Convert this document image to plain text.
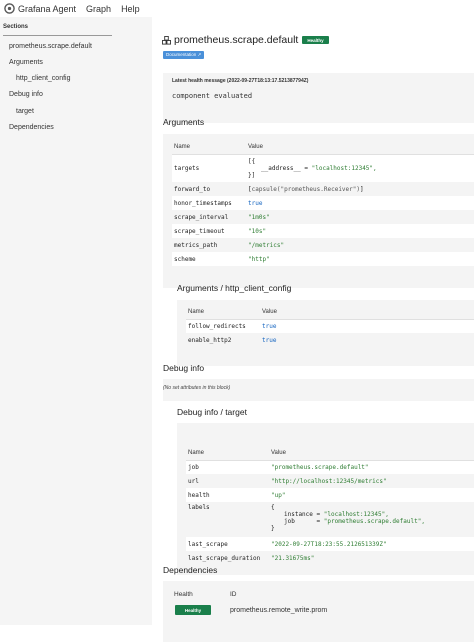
Grafana Agent Graph Help
Sections
prometheus.scrape.default
Arguments
http_client_config
Debug info
target
Dependencies
prometheus.scrape.default	Healthy
Documentation ↗
Latest health message (2022-09-27T18:13:17.521387794Z)
component evaluated
Arguments
Name	Value
targets	[{
__address__ = "localhost:12345",
}]

forward_to	[capsule("prometheus.Receiver")]
honor_timestamps	true
scrape_interval	"1m0s"
scrape_timeout	"10s"
metrics_path	"/metrics"
scheme	"http"
Arguments / http_client_config
Name	Value
follow_redirects	true
enable_http2	true
Debug info
(No set attributes in this block)
Debug info / target
Name	Value
job	"prometheus.scrape.default"
url	"http://localhost:12345/metrics"
health	"up"
labels	{
instance = "localhost:12345",
job = "prometheus.scrape.default",
}

last_scrape	"2022-09-27T18:23:55.212651339Z"
last_scrape_duration	"21.31675ms"
Dependencies
Health	ID
Healthy	prometheus.remote_write.prom
